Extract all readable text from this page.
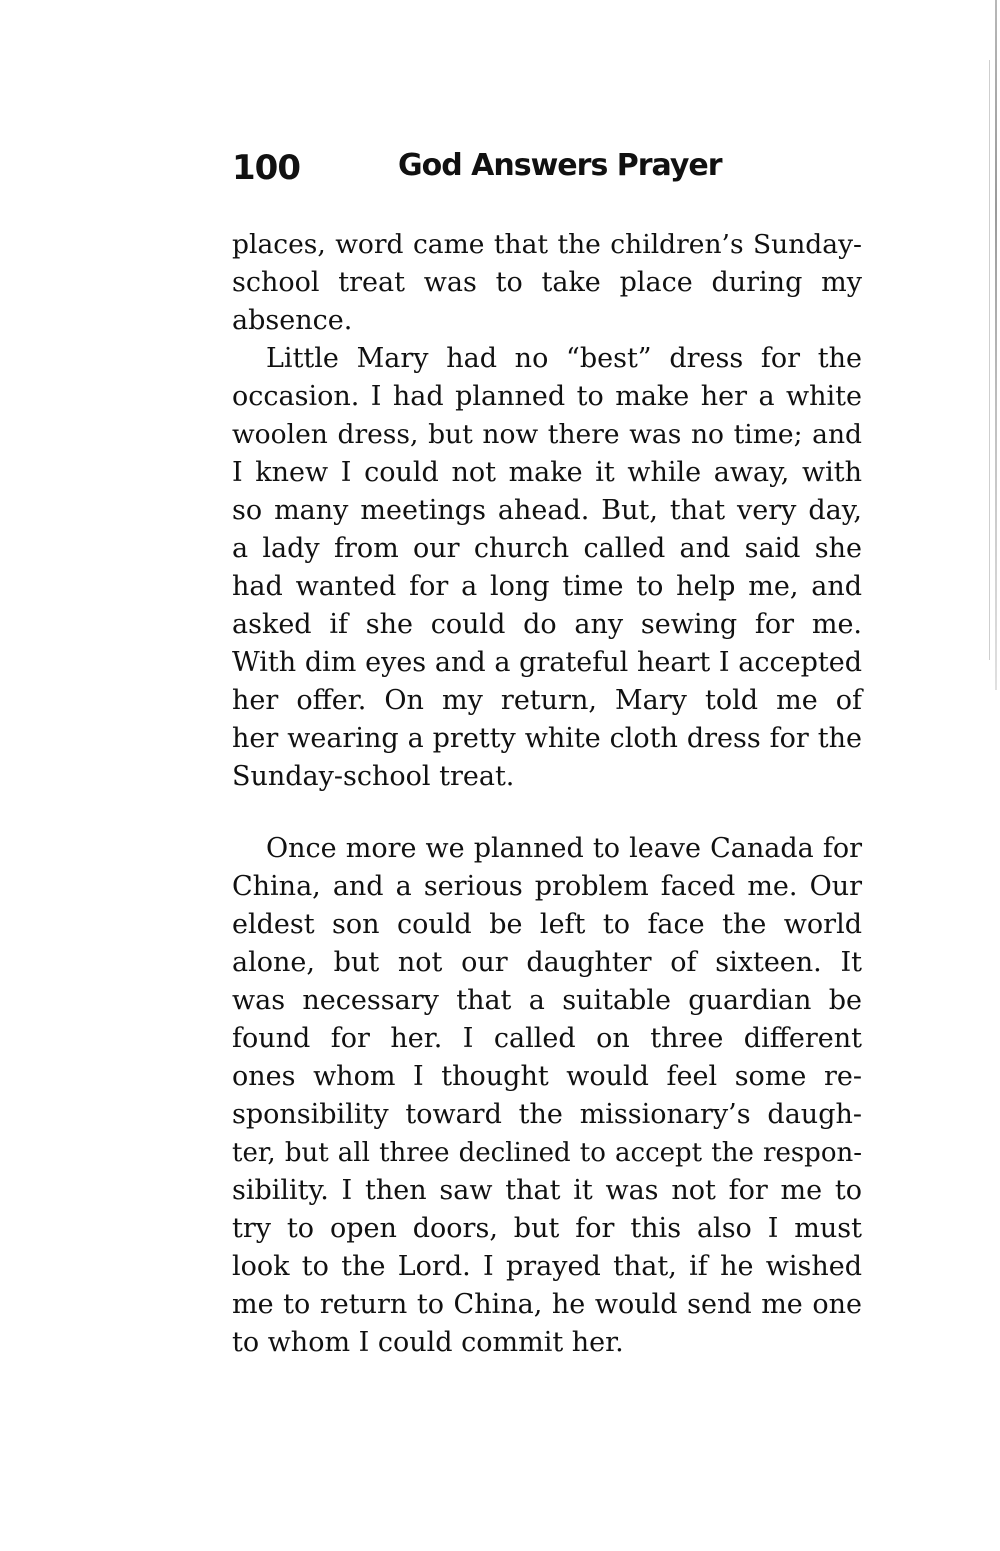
100	God Answers Prayer
places, word came that the children’s Sunday-
school treat was to take place during my
absence.
Little Mary had no “best” dress for the
occasion. I had planned to make her a white
woolen dress, but now there was no time; and
I knew I could not make it while away, with
so many meetings ahead. But, that very day,
a lady from our church called and said she
had wanted for a long time to help me, and
asked if she could do any sewing for me.
With dim eyes and a grateful heart I accepted
her offer. On my return, Mary told me of
her wearing a pretty white cloth dress for the
Sunday-school treat.
Once more we planned to leave Canada for
China, and a serious problem faced me. Our
eldest son could be left to face the world
alone, but not our daughter of sixteen. It
was necessary that a suitable guardian be
found for her. I called on three different
ones whom I thought would feel some re-
sponsibility toward the missionary’s daugh-
ter, but all three declined to accept the respon-
sibility. I then saw that it was not for me to
try to open doors, but for this also I must
look to the Lord. I prayed that, if he wished
me to return to China, he would send me one
to whom I could commit her.
